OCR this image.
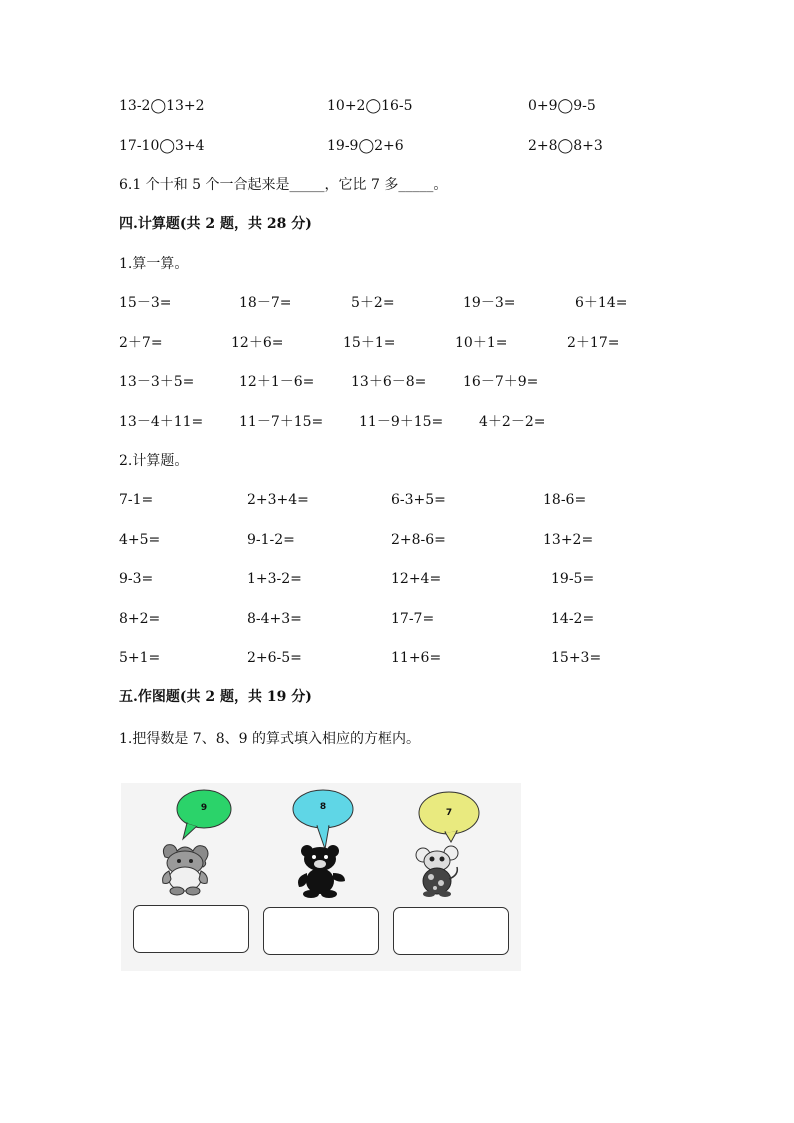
13-2◯13+2	10+2◯16-5	0+9◯9-5
17-10◯3+4	19-9◯2+6	2+8◯8+3
6.1 个十和 5 个一合起来是_____，它比 7 多_____。
四.计算题(共 2 题，共 28 分)
1.算一算。
15－3=	18－7=	5＋2=	19－3=	6＋14=
2＋7=	12＋6=	15＋1=	10＋1=	2＋17=
13－3＋5=	12＋1－6=	13＋6－8=	16－7＋9=
13－4＋11=	11－7＋15=	11－9＋15=	4＋2－2=
2.计算题。
7-1=	2+3+4=	6-3+5=	18-6=
4+5=	9-1-2=	2+8-6=	13+2=
9-3=	1+3-2=	12+4=	19-5=
8+2=	8-4+3=	17-7=	14-2=
5+1=	2+6-5=	11+6=	15+3=
五.作图题(共 2 题，共 19 分)
1.把得数是 7、8、9 的算式填入相应的方框内。
9	8
7
